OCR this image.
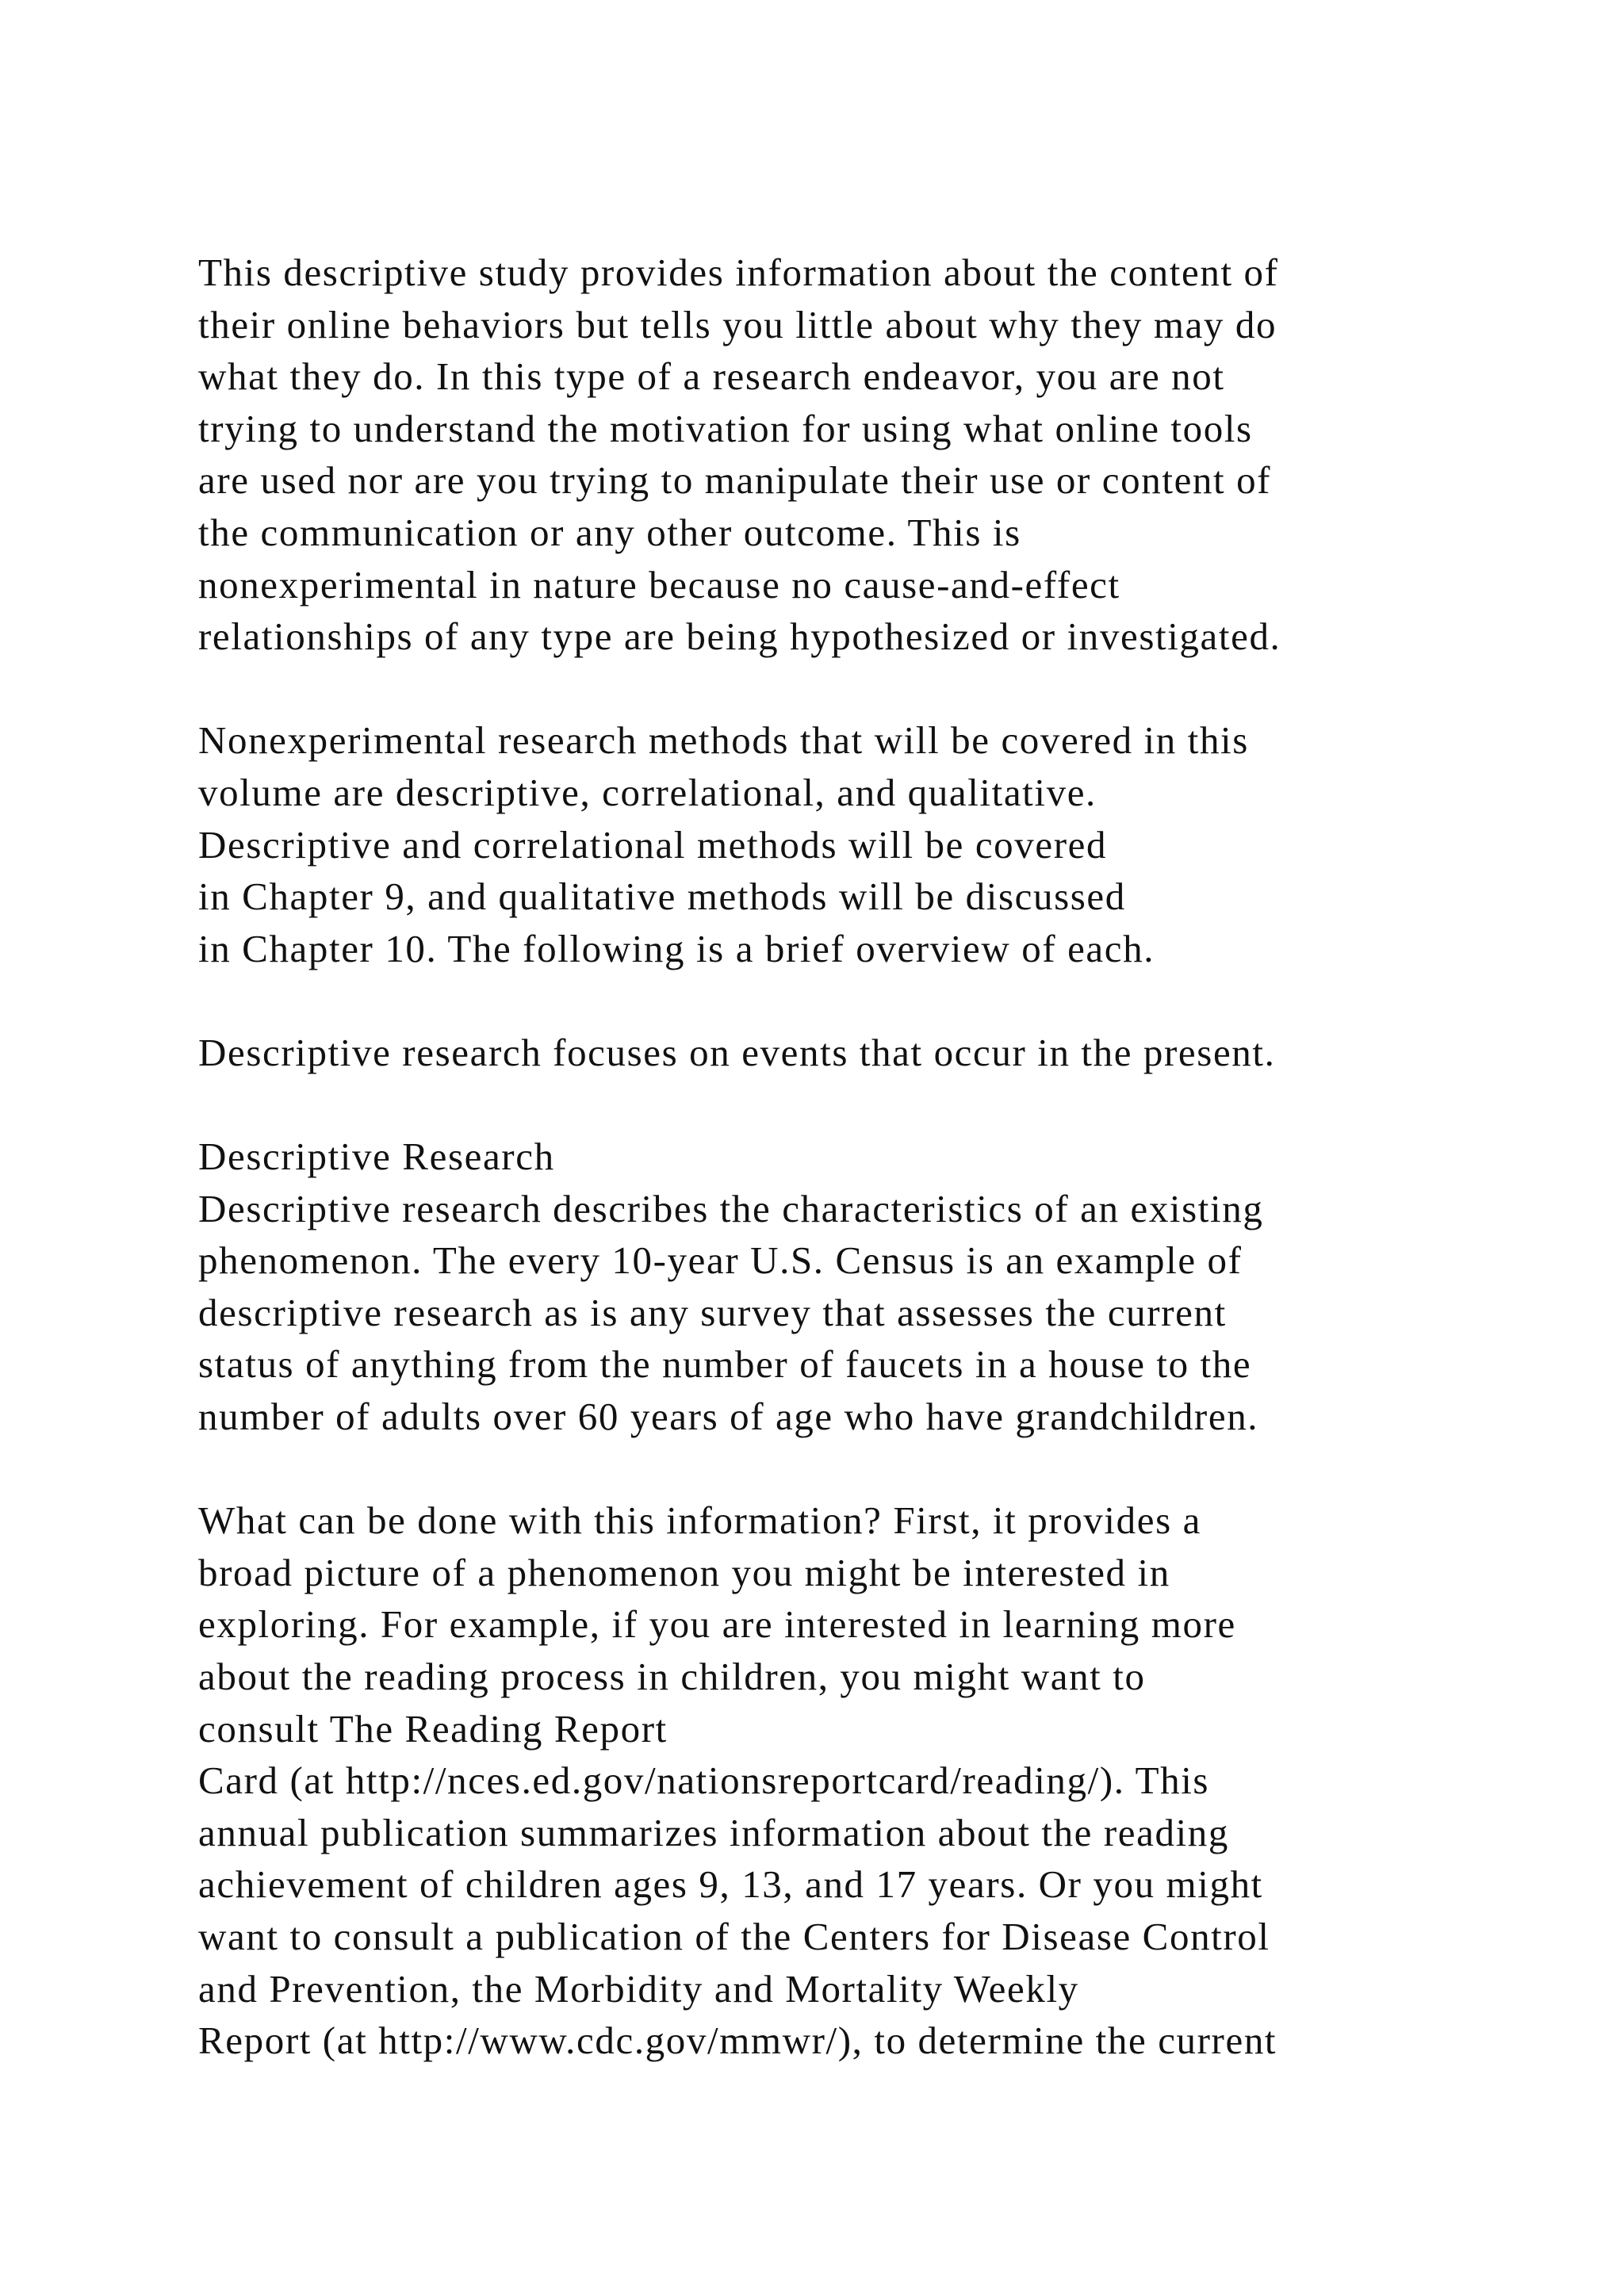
This descriptive study provides information about the content of
their online behaviors but tells you little about why they may do
what they do. In this type of a research endeavor, you are not
trying to understand the motivation for using what online tools
are used nor are you trying to manipulate their use or content of
the communication or any other outcome. This is
nonexperimental in nature because no cause-and-effect
relationships of any type are being hypothesized or investigated.

Nonexperimental research methods that will be covered in this
volume are descriptive, correlational, and qualitative.
Descriptive and correlational methods will be covered
in Chapter 9, and qualitative methods will be discussed
in Chapter 10. The following is a brief overview of each.

Descriptive research focuses on events that occur in the present.

Descriptive Research
Descriptive research describes the characteristics of an existing
phenomenon. The every 10-year U.S. Census is an example of
descriptive research as is any survey that assesses the current
status of anything from the number of faucets in a house to the
number of adults over 60 years of age who have grandchildren.

What can be done with this information? First, it provides a
broad picture of a phenomenon you might be interested in
exploring. For example, if you are interested in learning more
about the reading process in children, you might want to
consult The Reading Report
Card (at http://nces.ed.gov/nationsreportcard/reading/). This
annual publication summarizes information about the reading
achievement of children ages 9, 13, and 17 years. Or you might
want to consult a publication of the Centers for Disease Control
and Prevention, the Morbidity and Mortality Weekly
Report (at http://www.cdc.gov/mmwr/), to determine the current
